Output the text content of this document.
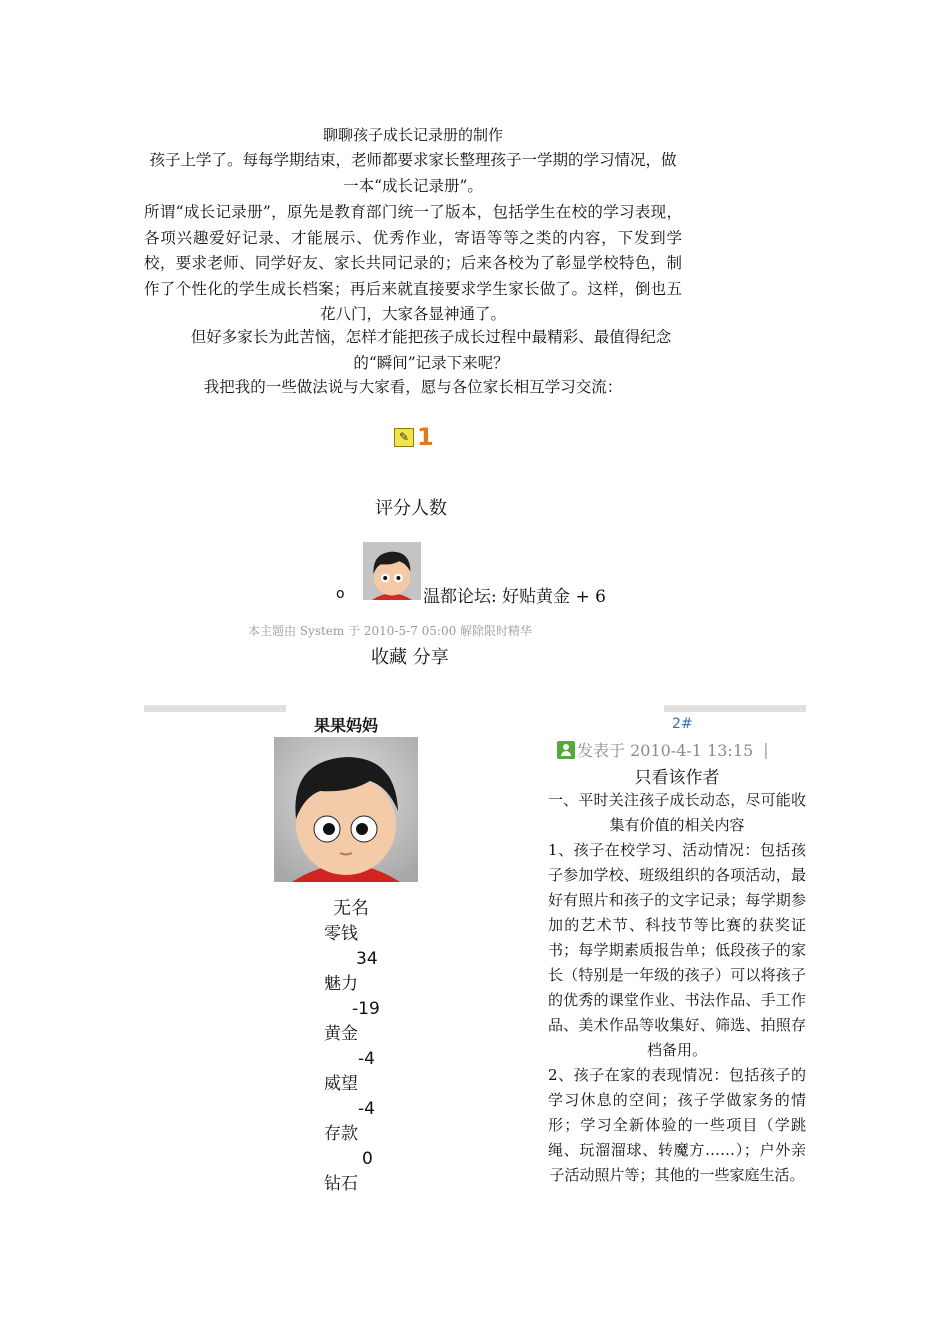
聊聊孩子成长记录册的制作
孩子上学了。每每学期结束，老师都要求家长整理孩子一学期的学习情况，做一本“成长记录册”。
所谓“成长记录册”，原先是教育部门统一了版本，包括学生在校的学习表现，各项兴趣爱好记录、才能展示、优秀作业，寄语等等之类的内容，下发到学校，要求老师、同学好友、家长共同记录的；后来各校为了彰显学校特色，制作了个性化的学生成长档案；再后来就直接要求学生家长做了。这样，倒也五花八门，大家各显神通了。
但好多家长为此苦恼，怎样才能把孩子成长过程中最精彩、最值得纪念的“瞬间”记录下来呢？
我把我的一些做法说与大家看，愿与各位家长相互学习交流：
✎ 1
评分人数
o	温都论坛: 好贴黄金 + 6
本主题由 System 于 2010-5-7 05:00 解除限时精华
收藏 分享
果果妈妈
无名
零钱
34
魅力
-19
黄金
-4
威望
-4
存款
0
钻石
2#
发表于 2010-4-1 13:15 |
只看该作者

一、平时关注孩子成长动态，尽可能收集有价值的相关内容

1、孩子在校学习、活动情况：包括孩子参加学校、班级组织的各项活动，最好有照片和孩子的文字记录；每学期参加的艺术节、科技节等比赛的获奖证书；每学期素质报告单；低段孩子的家长（特别是一年级的孩子）可以将孩子的优秀的课堂作业、书法作品、手工作品、美术作品等收集好、筛选、拍照存档备用。

2、孩子在家的表现情况：包括孩子的学习休息的空间；孩子学做家务的情形；学习全新体验的一些项目（学跳绳、玩溜溜球、转魔方……）；户外亲子活动照片等；其他的一些家庭生活。
